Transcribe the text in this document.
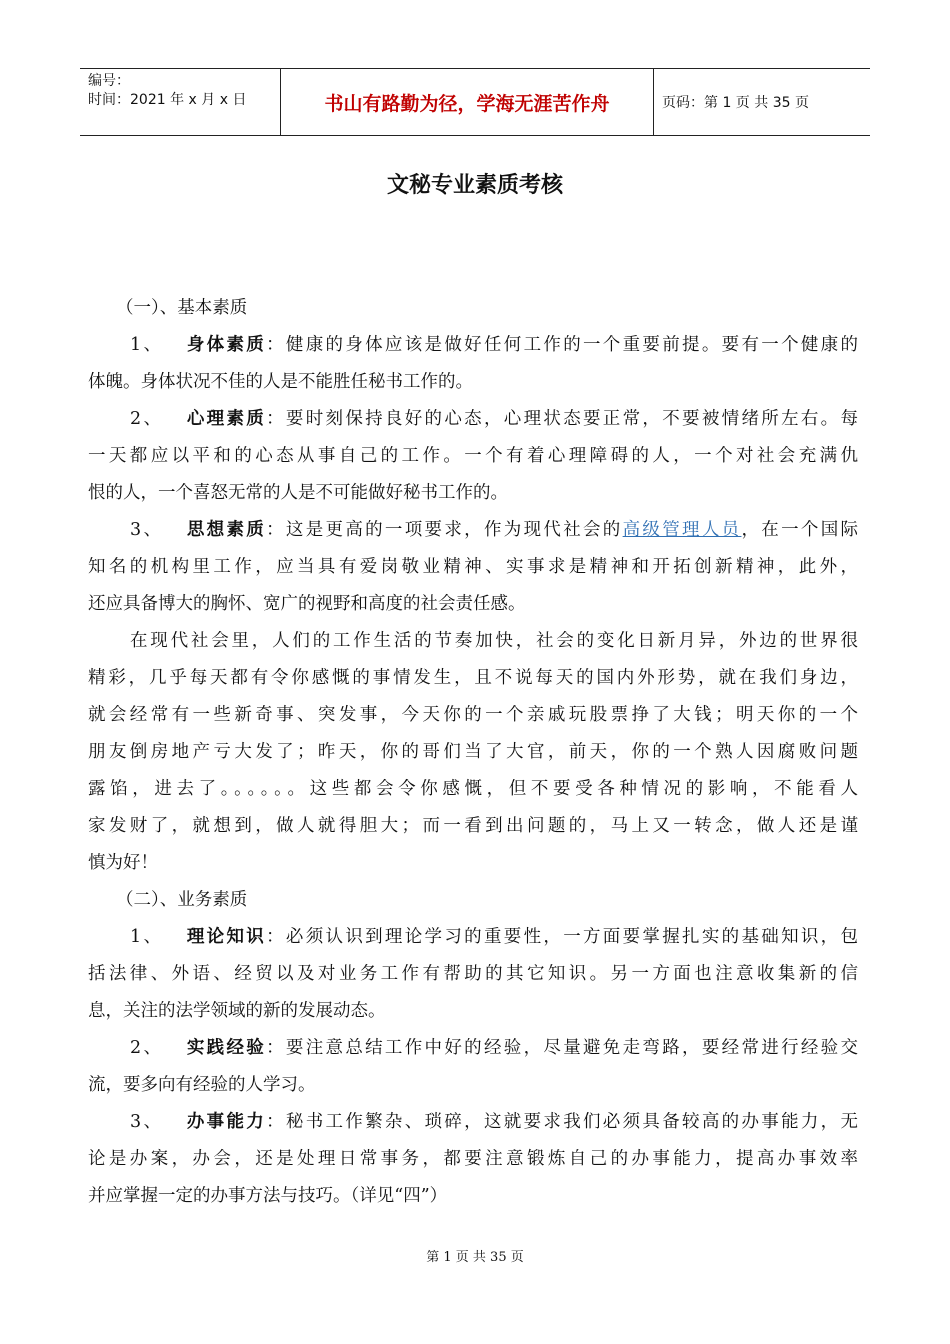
编号：
时间：2021 年 x 月 x 日	书山有路勤为径，学海无涯苦作舟	页码：第 1 页 共 35 页
文秘专业素质考核
（一）、基本素质
1、 身体素质：健康的身体应该是做好任何工作的一个重要前提。要有一个健康的
体魄。身体状况不佳的人是不能胜任秘书工作的。
2、 心理素质：要时刻保持良好的心态，心理状态要正常，不要被情绪所左右。每
一天都应以平和的心态从事自己的工作。一个有着心理障碍的人，一个对社会充满仇
恨的人，一个喜怒无常的人是不可能做好秘书工作的。
3、 思想素质：这是更高的一项要求，作为现代社会的高级管理人员，在一个国际
知名的机构里工作，应当具有爱岗敬业精神、实事求是精神和开拓创新精神，此外，
还应具备博大的胸怀、宽广的视野和高度的社会责任感。
在现代社会里，人们的工作生活的节奏加快，社会的变化日新月异，外边的世界很
精彩，几乎每天都有令你感慨的事情发生，且不说每天的国内外形势，就在我们身边，
就会经常有一些新奇事、突发事，今天你的一个亲戚玩股票挣了大钱；明天你的一个
朋友倒房地产亏大发了；昨天，你的哥们当了大官，前天，你的一个熟人因腐败问题
露馅，进去了。。。。。。这些都会令你感慨，但不要受各种情况的影响，不能看人
家发财了，就想到，做人就得胆大；而一看到出问题的，马上又一转念，做人还是谨
慎为好！
（二）、业务素质
1、 理论知识：必须认识到理论学习的重要性，一方面要掌握扎实的基础知识，包
括法律、外语、经贸以及对业务工作有帮助的其它知识。另一方面也注意收集新的信
息，关注的法学领域的新的发展动态。
2、 实践经验：要注意总结工作中好的经验，尽量避免走弯路，要经常进行经验交
流，要多向有经验的人学习。
3、 办事能力：秘书工作繁杂、琐碎，这就要求我们必须具备较高的办事能力，无
论是办案，办会，还是处理日常事务，都要注意锻炼自己的办事能力，提高办事效率
并应掌握一定的办事方法与技巧。（详见“四”）
第 1 页 共 35 页
